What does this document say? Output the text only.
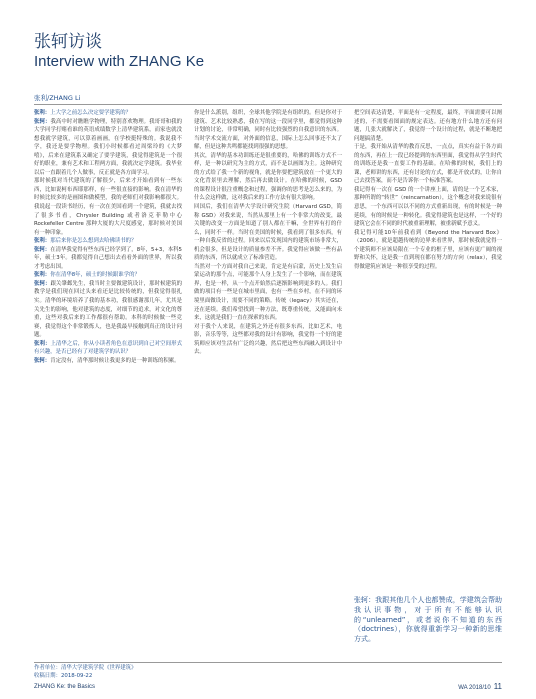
张轲访谈
Interview with ZHANG Ke
张利/ZHANG Li

张利：上大学之前怎么决定要学建筑的？

张轲：我高中时对瞧瞧学物理，特别喜欢物理。我哥哥和我的大学同学打赌看谁的英语成绩数学上清华建筑系，而家也就没想我就学建筑，可以算着画画，在学校挺特殊的。我说我不学，我还是要学物理。我们小时候都看过周梁玲的《大梦嘻》，后来在建筑系又确定了要学建筑，我觉得建筑是一个很好的职业，兼有艺术和工程两方面，我就决定学建筑。我毕业以后一直跟着几个人做事，反正就是各方面学习。

那时候我对当代建筑的了解很少，后来才开始看到有一些东西，比如说柯布西耶那样，有一些很直接的影响。我在清华的时候比较多的是画图和做模型，我的老师们对我影响都很大。我说起一段读书经历，有一次在美国看到一个建筑，我就去找了很多书看，Chrysler Building 或者洛克菲勒中心 Rockefeller Centre 那种大厦的大尺度感觉，那时候对美国有一种印象。

张利：那后来你是怎么想到去哈佛读书的？

张轲：在清华我觉得有些东西已经学到了，8年，5+3，本科5年，硕士3年。我都觉得自己想出去看看外面的世界，所以我才考虑出国。

张利：你在清华8年，硕士的时候跟谁学的？

张轲：跟关肇邺先生，我当时主要做建筑设计，那时候建筑的教学是我们现在回过头来看还是比较传统的，但我觉得很扎实。清华的环境培养了我的基本功，我很感谢那几年，尤其是关先生的影响，他对建筑的态度，对细节的追求，对文化的尊重，这些对我后来的工作都很有帮助。本科的时候做一些竞赛，我觉得这个非常锻炼人，也是我最早接触到真正的设计问题。

张利：上清华之后，你从小读者角色在意识到自己对空间形式有兴趣，是否已经有了对建筑学的认识？

张轲：肯定没有，清华那时候让我更多的是一种训练的积累。

你是什么派别，组织，全球其他学院是有组织的。但是你对于建筑、艺术比较熟悉，我在写的这一段同学里，都觉得到这种计划的讨论，非常明确，同时有比较强烈的自我意识的东西。当时学术交流方面，对外面的信息，国际上怎么回事还不太了解，但是这种共鸣都能找到很强的思想。

其次，清华的基本功训练还是很重要的，哈佛的训练方式不一样，是一种以研究为主的方式，而不是以画图为主。这种研究的方式给了我一个新的视角，就是你要把建筑放在一个更大的文化背景里去理解，然后再去做设计。在哈佛的时候，GSD 的课程设计很注重概念和过程，强调你的思考是怎么来的，为什么会这样做，这对我后来的工作方法有很大影响。

回国后，我们在清华大学设计研究生院（Harvard GSD，简称 GSD）对我来说，当然从那里上有一个非常大的改变，最关键的改变一方面是知道了别人都在干嘛，全世界有打的什么，同时不一样。当时在美国的时候，我看到了很多东西，有一种自我反省的过程。回来以后发现国内的建筑市场非常大，机会很多，但是设计的质量参差不齐。我觉得应该做一些有品质的东西，所以就成立了标准营造。

当然对一个方面对我自己来说，肯定是有启蒙，历史上发生启蒙运动的那个点，可能那个人身上发生了一个影响，而在建筑界，也是一样，从一个点开始然后逐渐影响到更多的人。我们做的项目有一些是在城市里面，也有一些在乡村，在不同的环境里面做设计，需要不同的策略。传统（legacy）其实还在，还在延续。我们希望找到一种方法，既尊重传统，又能面向未来，这就是我们一直在探索的东西。

对于我个人来说，在建筑之外还有很多东西，比如艺术，电影，音乐等等，这些都对我的设计有影响，我觉得一个好的建筑师应该对生活有广泛的兴趣，然后把这些东西融入到设计中去。

把空间表达清楚，平面是有一定程度，最终，平面需要可以阐述的，不需要看图面的规定表达。还有地方什么地方还有问题，几张大就解决了，我觉得一个设计的过程，就是不断地把问题搞清楚。

于是，我开始从清华的教育反思，一点点，真实有益于各方面的东西，再在上一段已经提到的东西里面，我觉得从学生时代的训练还是我一直要工作的基础。在哈佛的时候，我们上的课，老师讲的东西，还有讨论的方式，都是开放式的，让你自己去找答案，而不是告诉你一个标准答案。

我记得有一次在 GSD 的一个讲座上面，请的是一个艺术家，那种所谓的“转世”（reincarnation），这个概念对我来说很有意思，一个东西可以以不同的方式重新出现，有的时候是一种延续，有的时候是一种转化。我觉得建筑也是这样，一个好的建筑它会在不同的时代被重新理解，被重新赋予意义。

我记得可能10年前我看到《Beyond the Harvard Box》（2006），就是超越传统的边界来看世界，那时候我就觉得一个建筑师不应该局限在一个专业的框子里，应该有更广阔的视野和关怀，这是我一直到现在都在努力的方向（relax），我觉得做建筑应该是一种很享受的过程。

张轲：我跟其他几个人也都赞成，学建筑会帮助我认识事物，对于所有不能够认识的“unlearned”，或者说你不知道的东西（doctrines），你就得重新学习一种新的思维方式。
作者单位：清华大学建筑学院《世界建筑》
收稿日期：2018-09-22
ZHANG Ke: the Basics	WA 2018/10 11
